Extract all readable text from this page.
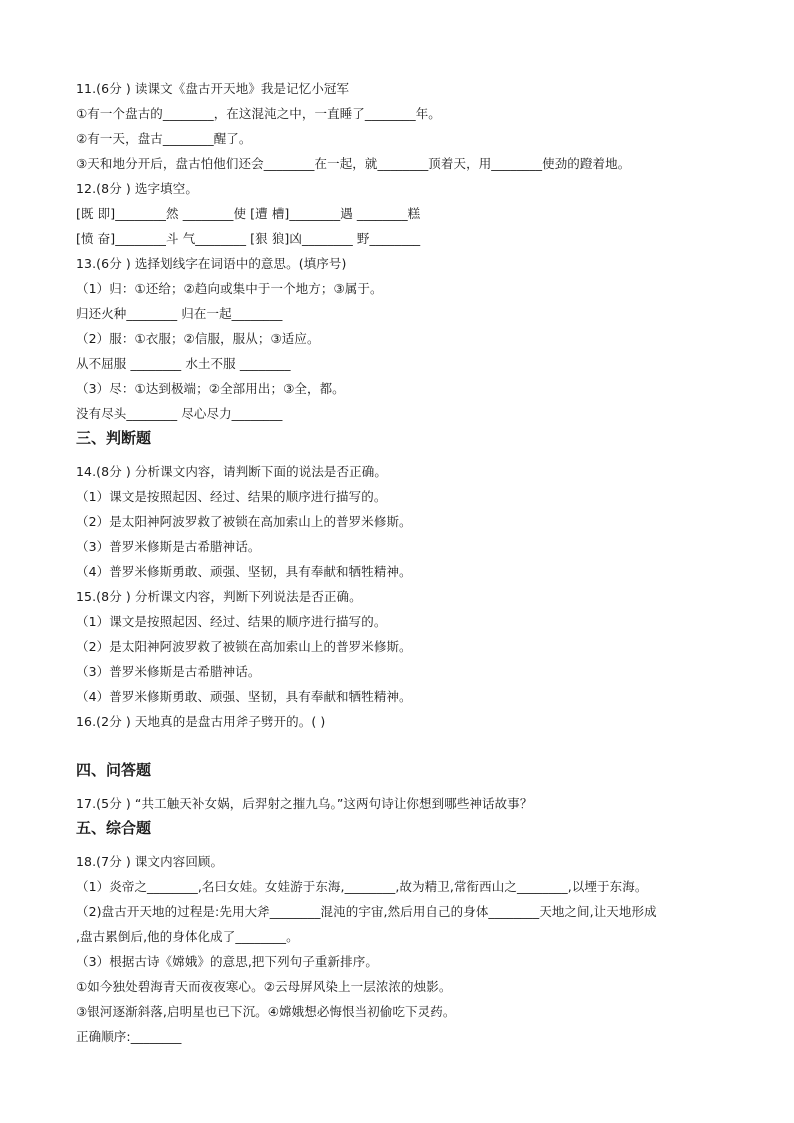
11.(6分 ) 读课文《盘古开天地》我是记忆小冠军
①有一个盘古的________，在这混沌之中，一直睡了________年。
②有一天，盘古________醒了。
③天和地分开后，盘古怕他们还会________在一起，就________顶着天，用________使劲的蹬着地。
12.(8分 ) 选字填空。
[既 即]________然 ________使 [遭 槽]________遇 ________糕
[愤 奋]________斗 气________ [狠 狼]凶________ 野________
13.(6分 ) 选择划线字在词语中的意思。(填序号)
（1）归：①还给；②趋向或集中于一个地方；③属于。
归还火种________ 归在一起________
（2）服：①衣服；②信服，服从；③适应。
从不屈服 ________ 水土不服 ________
（3）尽：①达到极端；②全部用出；③全，都。
没有尽头________ 尽心尽力________
三、判断题
14.(8分 ) 分析课文内容，请判断下面的说法是否正确。
（1）课文是按照起因、经过、结果的顺序进行描写的。
（2）是太阳神阿波罗救了被锁在高加索山上的普罗米修斯。
（3）普罗米修斯是古希腊神话。
（4）普罗米修斯勇敢、顽强、坚韧，具有奉献和牺牲精神。
15.(8分 ) 分析课文内容，判断下列说法是否正确。
（1）课文是按照起因、经过、结果的顺序进行描写的。
（2）是太阳神阿波罗救了被锁在高加索山上的普罗米修斯。
（3）普罗米修斯是古希腊神话。
（4）普罗米修斯勇敢、顽强、坚韧，具有奉献和牺牲精神。
16.(2分 ) 天地真的是盘古用斧子劈开的。( )
四、问答题
17.(5分 ) “共工触天补女娲，后羿射之摧九乌。”这两句诗让你想到哪些神话故事？
五、综合题
18.(7分 ) 课文内容回顾。
（1）炎帝之________,名曰女娃。女娃游于东海,________,故为精卫,常衔西山之________,以堙于东海。
（2)盘古开天地的过程是:先用大斧________混沌的宇宙,然后用自己的身体________天地之间,让天地形成
,盘古累倒后,他的身体化成了________。
（3）根据古诗《嫦娥》的意思,把下列句子重新排序。
①如今独处碧海青天而夜夜寒心。②云母屏风染上一层浓浓的烛影。
③银河逐渐斜落,启明星也已下沉。④嫦娥想必悔恨当初偷吃下灵药。
正确顺序:________
